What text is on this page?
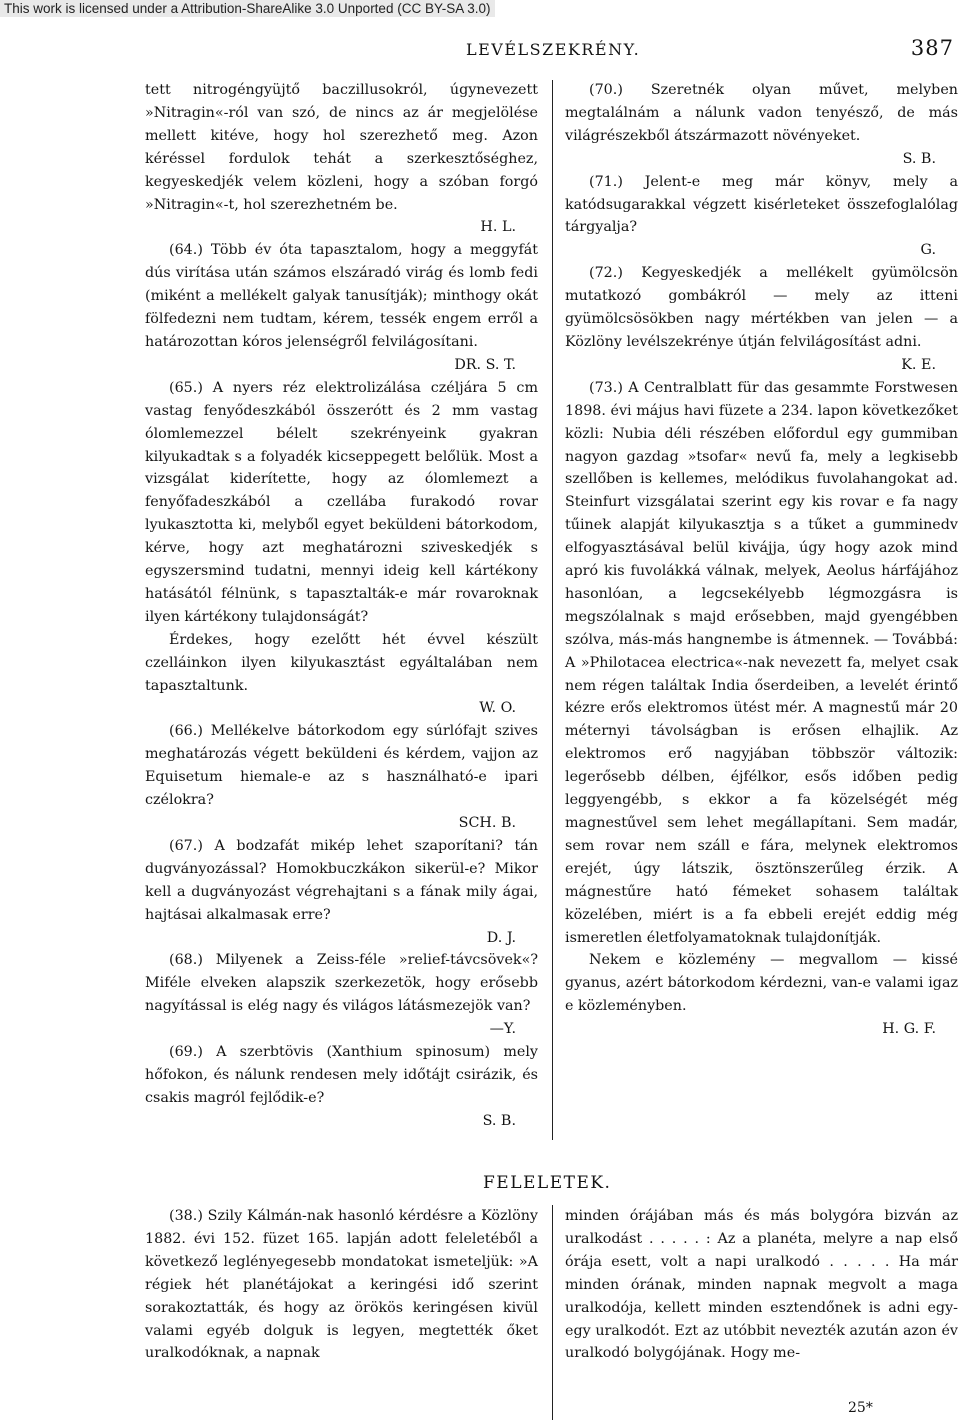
This work is licensed under a Attribution-ShareAlike 3.0 Unported (CC BY-SA 3.0)
LEVÉLSZEKRÉNY.	387

tett nitrogéngyüjtő baczillusokról, úgynevezett »Nitragin«-ról van szó, de nincs az ár megjelölése mellett kitéve, hogy hol szerezhető meg. Azon kéréssel fordulok tehát a szerkesztőséghez, kegyeskedjék velem közleni, hogy a szóban forgó »Nitragin«-t, hol szerezhetném be.
H. L.

(64.) Több év óta tapasztalom, hogy a meggyfát dús virítása után számos elszáradó virág és lomb fedi (miként a mellékelt galyak tanusítják); minthogy okát fölfedezni nem tudtam, kérem, tessék engem erről a határozottan kóros jelenségről felvilágosítani.
DR. S. T.

(65.) A nyers réz elektrolizálása czéljára 5 cm vastag fenyődeszkából összerótt és 2 mm vastag ólomlemezzel bélelt szekrényeink gyakran kilyukadtak s a folyadék kicseppegett belőlük. Most a vizsgálat kiderítette, hogy az ólomlemezt a fenyőfadeszkából a czellába furakodó rovar lyukasztotta ki, melyből egyet beküldeni bátorkodom, kérve, hogy azt meghatározni sziveskedjék s egyszersmind tudatni, mennyi ideig kell kártékony hatásától félnünk, s tapasztalták-e már rovaroknak ilyen kártékony tulajdonságát?

Érdekes, hogy ezelőtt hét évvel készült czelláinkon ilyen kilyukasztást egyáltalában nem tapasztaltunk.
W. O.

(66.) Mellékelve bátorkodom egy súrlófajt szives meghatározás végett beküldeni és kérdem, vajjon az Equisetum hiemale-e az s használható-e ipari czélokra?
SCH. B.

(67.) A bodzafát mikép lehet szaporítani? tán dugványozással? Homokbuczkákon sikerül-e? Mikor kell a dugványozást végrehajtani s a fának mily ágai, hajtásai alkalmasak erre?
D. J.

(68.) Milyenek a Zeiss-féle »relief-távcsövek«? Miféle elveken alapszik szerkezetök, hogy erősebb nagyítással is elég nagy és világos látásmezejök van?
—Y.

(69.) A szerbtövis (Xanthium spinosum) mely hőfokon, és nálunk rendesen mely időtájt csirázik, és csakis magról fejlődik-e?
S. B.

(70.) Szeretnék olyan művet, melyben megtalálnám a nálunk vadon tenyésző, de más világrészekből átszármazott növényeket.
S. B.

(71.) Jelent-e meg már könyv, mely a katódsugarakkal végzett kisérleteket összefoglalólag tárgyalja?
G.

(72.) Kegyeskedjék a mellékelt gyümölcsön mutatkozó gombákról — mely az itteni gyümölcsösökben nagy mértékben van jelen — a Közlöny levélszekrénye útján felvilágosítást adni.
K. E.

(73.) A Centralblatt für das gesammte Forstwesen 1898. évi május havi füzete a 234. lapon következőket közli: Nubia déli részében előfordul egy gummiban nagyon gazdag »tsofar« nevű fa, mely a legkisebb szellőben is kellemes, melódikus fuvolahangokat ad. Steinfurt vizsgálatai szerint egy kis rovar e fa nagy tűinek alapját kilyukasztja s a tűket a gumminedv elfogyasztásával belül kivájja, úgy hogy azok mind apró kis fuvolákká válnak, melyek, Aeolus hárfájához hasonlóan, a legcsekélyebb légmozgásra is megszólalnak s majd erősebben, majd gyengébben szólva, más-más hangnembe is átmennek. — Továbbá: A »Philotacea electrica«-nak nevezett fa, melyet csak nem régen találtak India őserdeiben, a levelét érintő kézre erős elektromos ütést mér. A magnestű már 20 méternyi távolságban is erősen elhajlik. Az elektromos erő nagyjában többször változik: legerősebb délben, éjfélkor, esős időben pedig leggyengébb, s ekkor a fa közelségét még magnestűvel sem lehet megállapítani. Sem madár, sem rovar nem száll e fára, melynek elektromos erejét, úgy látszik, ösztönszerűleg érzik. A mágnestűre ható fémeket sohasem találtak közelében, miért is a fa ebbeli erejét eddig még ismeretlen életfolyamatoknak tulajdonítják.

Nekem e közlemény — megvallom — kissé gyanus, azért bátorkodom kérdezni, van-e valami igaz e közleményben.
H. G. F.

FELELETEK.

(38.) Szily Kálmán-nak hasonló kérdésre a Közlöny 1882. évi 152. füzet 165. lapján adott feleletéből a következő leglényegesebb mondatokat ismeteljük: »A régiek hét planétájokat a keringési idő szerint sorakoztatták, és hogy az örökös keringésen kivül valami egyéb dolguk is legyen, megtették őket uralkodóknak, a napnak

minden órájában más és más bolygóra bizván az uralkodást . . . . . : Az a planéta, melyre a nap első órája esett, volt a napi uralkodó . . . . . Ha már minden órának, minden napnak megvolt a maga uralkodója, kellett minden esztendőnek is adni egy-egy uralkodót. Ezt az utóbbit nevezték azután azon év uralkodó bolygójának. Hogy me-

25*
